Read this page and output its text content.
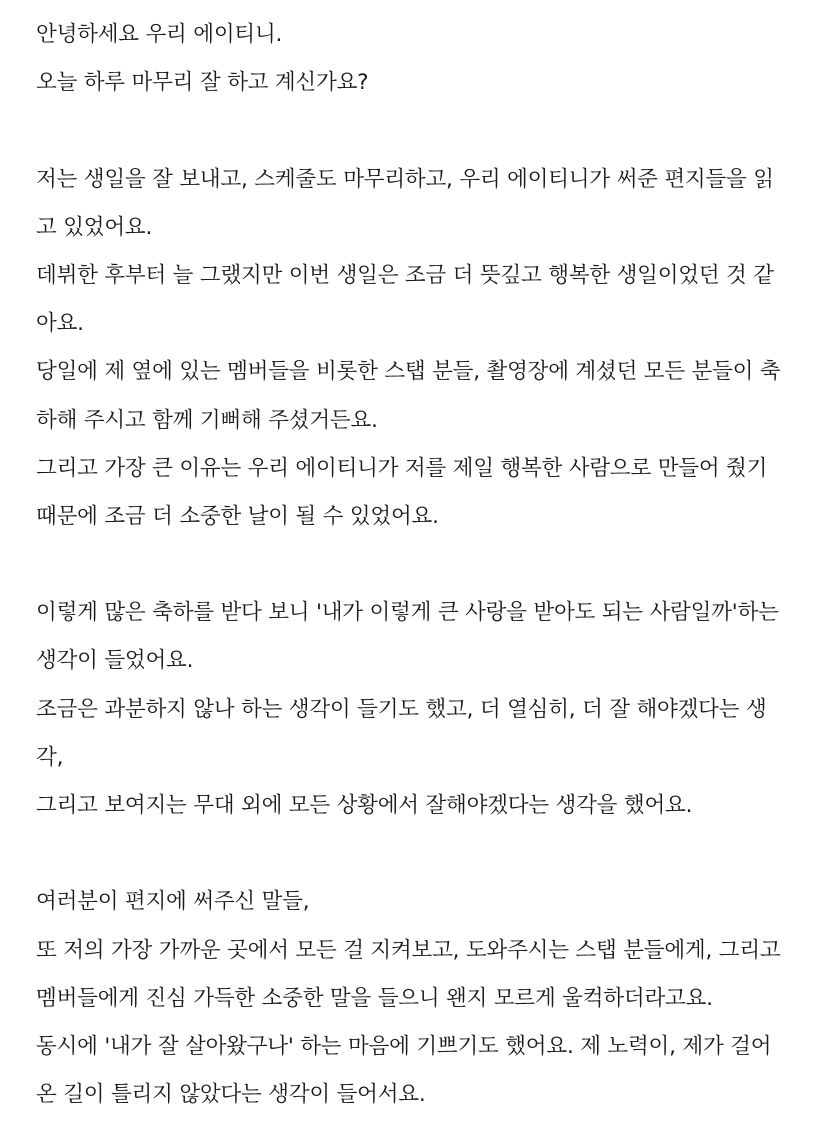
안녕하세요 우리 에이티니.
오늘 하루 마무리 잘 하고 계신가요?
저는 생일을 잘 보내고, 스케줄도 마무리하고, 우리 에이티니가 써준 편지들을 읽
고 있었어요.
데뷔한 후부터 늘 그랬지만 이번 생일은 조금 더 뜻깊고 행복한 생일이었던 것 같
아요.
당일에 제 옆에 있는 멤버들을 비롯한 스탭 분들, 촬영장에 계셨던 모든 분들이 축
하해 주시고 함께 기뻐해 주셨거든요.
그리고 가장 큰 이유는 우리 에이티니가 저를 제일 행복한 사람으로 만들어 줬기
때문에 조금 더 소중한 날이 될 수 있었어요.
이렇게 많은 축하를 받다 보니 '내가 이렇게 큰 사랑을 받아도 되는 사람일까'하는
생각이 들었어요.
조금은 과분하지 않나 하는 생각이 들기도 했고, 더 열심히, 더 잘 해야겠다는 생
각,
그리고 보여지는 무대 외에 모든 상황에서 잘해야겠다는 생각을 했어요.
여러분이 편지에 써주신 말들,
또 저의 가장 가까운 곳에서 모든 걸 지켜보고, 도와주시는 스탭 분들에게, 그리고
멤버들에게 진심 가득한 소중한 말을 들으니 왠지 모르게 울컥하더라고요.
동시에 '내가 잘 살아왔구나' 하는 마음에 기쁘기도 했어요. 제 노력이, 제가 걸어
온 길이 틀리지 않았다는 생각이 들어서요.
